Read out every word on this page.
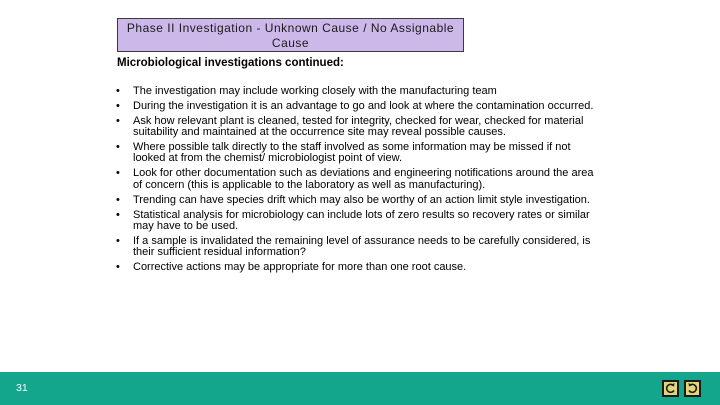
Phase II Investigation - Unknown Cause / No Assignable Cause
Microbiological investigations continued:
• The investigation may include working closely with the manufacturing team
• During the investigation it is an advantage to go and look at where the contamination occurred.
• Ask how relevant plant is cleaned, tested for integrity, checked for wear, checked for material suitability and maintained at the occurrence site may reveal possible causes.
• Where possible talk directly to the staff involved as some information may be missed if not looked at from the chemist/ microbiologist point of view.
• Look for other documentation such as deviations and engineering notifications around the area of concern (this is applicable to the laboratory as well as manufacturing).
• Trending can have species drift which may also be worthy of an action limit style investigation.
• Statistical analysis for microbiology can include lots of zero results so recovery rates or similar may have to be used.
• If a sample is invalidated the remaining level of assurance needs to be carefully considered, is their sufficient residual information?
• Corrective actions may be appropriate for more than one root cause.
31
